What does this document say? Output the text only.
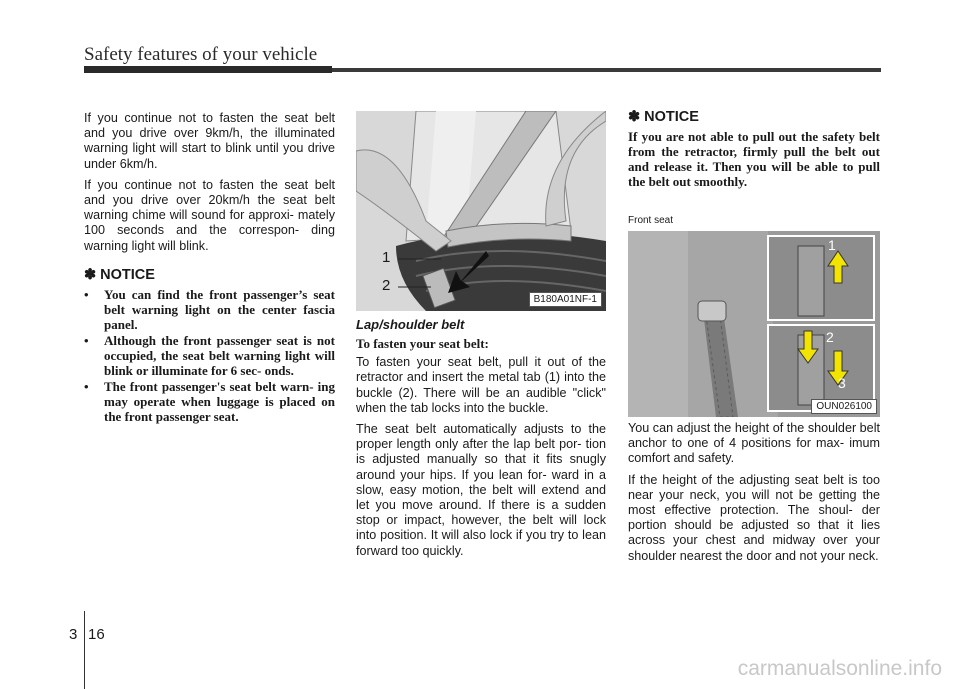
Safety features of your vehicle

If you continue not to fasten the seat belt and you drive over 9km/h, the illuminated warning light will start to blink until you drive under 6km/h.

If you continue not to fasten the seat belt and you drive over 20km/h the seat belt warning chime will sound for approxi- mately 100 seconds and the correspon- ding warning light will blink.

✽ NOTICE
• You can find the front passenger’s seat belt warning light on the center fascia panel.
• Although the front passenger seat is not occupied, the seat belt warning light will blink or illuminate for 6 sec- onds.
• The front passenger's seat belt warn- ing may operate when luggage is placed on the front passenger seat.
1
2
B180A01NF-1
Lap/shoulder belt

To fasten your seat belt:

To fasten your seat belt, pull it out of the retractor and insert the metal tab (1) into the buckle (2). There will be an audible "click" when the tab locks into the buckle.

The seat belt automatically adjusts to the proper length only after the lap belt por- tion is adjusted manually so that it fits snugly around your hips. If you lean for- ward in a slow, easy motion, the belt will extend and let you move around. If there is a sudden stop or impact, however, the belt will lock into position. It will also lock if you try to lean forward too quickly.

✽ NOTICE

If you are not able to pull out the safety belt from the retractor, firmly pull the belt out and release it. Then you will be able to pull the belt out smoothly.

Front seat
1
2
3
OUN026100

You can adjust the height of the shoulder belt anchor to one of 4 positions for max- imum comfort and safety.

If the height of the adjusting seat belt is too near your neck, you will not be getting the most effective protection. The shoul- der portion should be adjusted so that it lies across your chest and midway over your shoulder nearest the door and not your neck.

3 16
carmanualsonline.info
